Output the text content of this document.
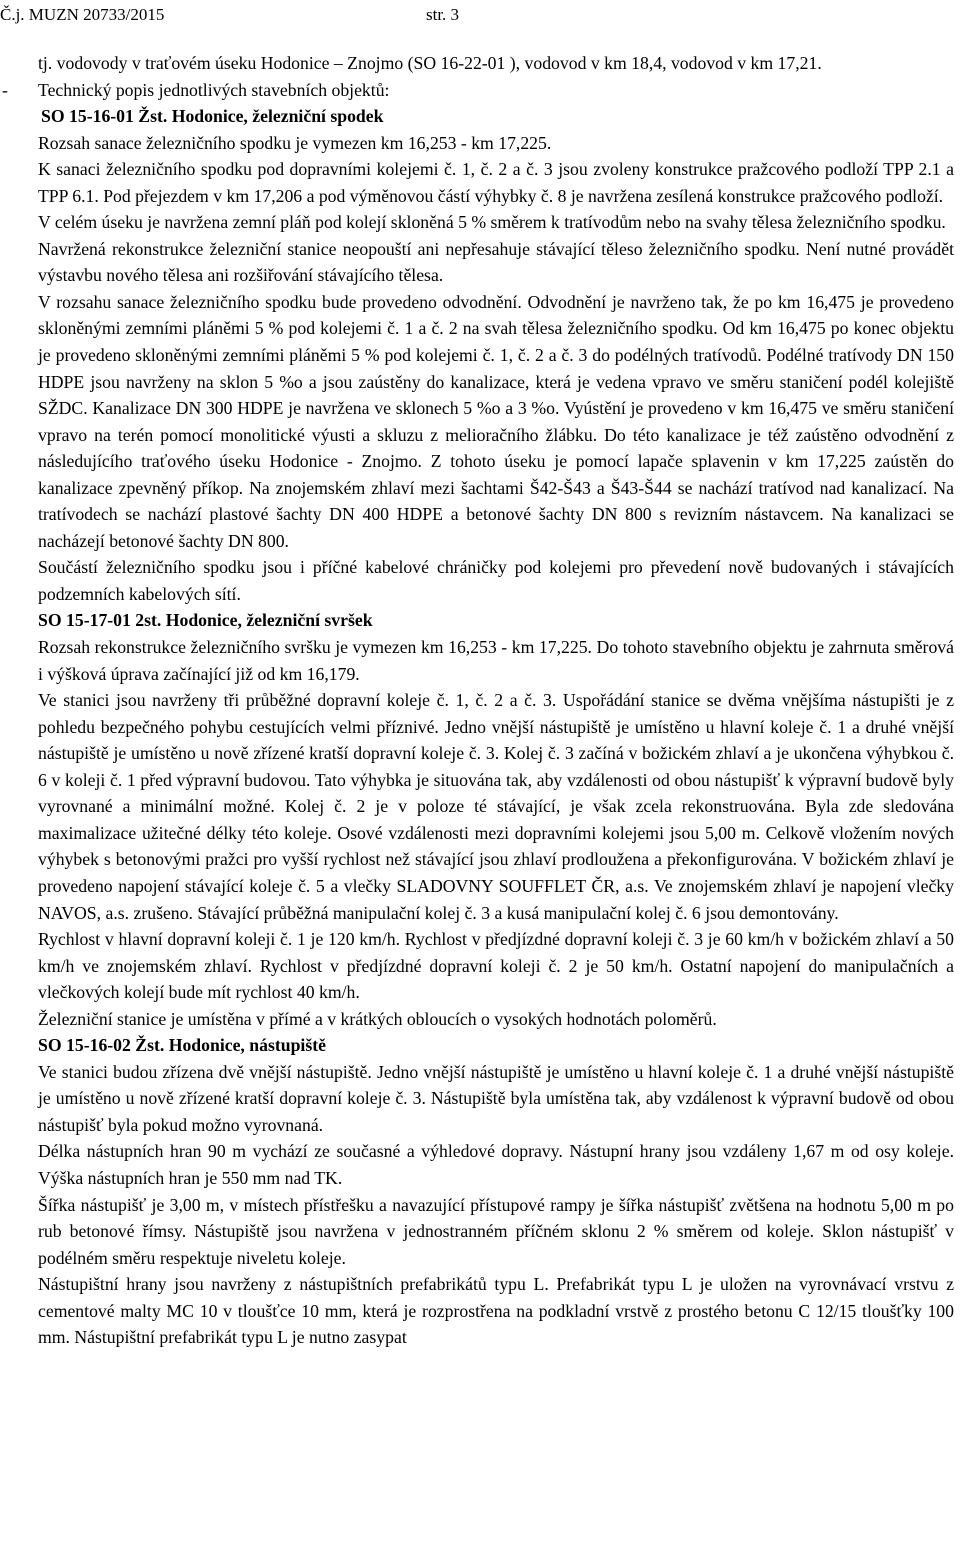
Č.j. MUZN 20733/2015	str. 3

tj. vodovody v traťovém úseku Hodonice – Znojmo (SO 16-22-01 ), vodovod v km 18,4, vodovod v km 17,21.

- Technický popis jednotlivých stavebních objektů:

SO 15-16-01 Žst. Hodonice, železniční spodek

Rozsah sanace železničního spodku je vymezen km 16,253 - km 17,225.

K sanaci železničního spodku pod dopravními kolejemi č. 1, č. 2 a č. 3 jsou zvoleny konstrukce pražcového podloží TPP 2.1 a TPP 6.1. Pod přejezdem v km 17,206 a pod výměnovou částí výhybky č. 8 je navržena zesílená konstrukce pražcového podloží.

V celém úseku je navržena zemní pláň pod kolejí skloněná 5 % směrem k tratívodům nebo na svahy tělesa železničního spodku.

Navržená rekonstrukce železniční stanice neopouští ani nepřesahuje stávající těleso železničního spodku. Není nutné provádět výstavbu nového tělesa ani rozšiřování stávajícího tělesa.

V rozsahu sanace železničního spodku bude provedeno odvodnění. Odvodnění je navrženo tak, že po km 16,475 je provedeno skloněnými zemními pláněmi 5 % pod kolejemi č. 1 a č. 2 na svah tělesa železničního spodku. Od km 16,475 po konec objektu je provedeno skloněnými zemními pláněmi 5 % pod kolejemi č. 1, č. 2 a č. 3 do podélných tratívodů. Podélné tratívody DN 150 HDPE jsou navrženy na sklon 5 %o a jsou zaústěny do kanalizace, která je vedena vpravo ve směru staničení podél kolejiště SŽDC. Kanalizace DN 300 HDPE je navržena ve sklonech 5 %o a 3 %o. Vyústění je provedeno v km 16,475 ve směru staničení vpravo na terén pomocí monolitické výusti a skluzu z melioračního žlábku. Do této kanalizace je též zaústěno odvodnění z následujícího traťového úseku Hodonice - Znojmo. Z tohoto úseku je pomocí lapače splavenin v km 17,225 zaústěn do kanalizace zpevněný příkop. Na znojemském zhlaví mezi šachtami Š42-Š43 a Š43-Š44 se nachází tratívod nad kanalizací. Na tratívodech se nachází plastové šachty DN 400 HDPE a betonové šachty DN 800 s revizním nástavcem. Na kanalizaci se nacházejí betonové šachty DN 800.

Součástí železničního spodku jsou i příčné kabelové chráničky pod kolejemi pro převedení nově budovaných i stávajících podzemních kabelových sítí.

SO 15-17-01 2st. Hodonice, železniční svršek

Rozsah rekonstrukce železničního svršku je vymezen km 16,253 - km 17,225. Do tohoto stavebního objektu je zahrnuta směrová i výšková úprava začínající již od km 16,179.

Ve stanici jsou navrženy tři průběžné dopravní koleje č. 1, č. 2 a č. 3. Uspořádání stanice se dvěma vnějšíma nástupišti je z pohledu bezpečného pohybu cestujících velmi příznivé. Jedno vnější nástupiště je umístěno u hlavní koleje č. 1 a druhé vnější nástupiště je umístěno u nově zřízené kratší dopravní koleje č. 3. Kolej č. 3 začíná v božickém zhlaví a je ukončena výhybkou č. 6 v koleji č. 1 před výpravní budovou. Tato výhybka je situována tak, aby vzdálenosti od obou nástupišť k výpravní budově byly vyrovnané a minimální možné. Kolej č. 2 je v poloze té stávající, je však zcela rekonstruována. Byla zde sledována maximalizace užitečné délky této koleje. Osové vzdálenosti mezi dopravními kolejemi jsou 5,00 m. Celkově vložením nových výhybek s betonovými pražci pro vyšší rychlost než stávající jsou zhlaví prodloužena a překonfigurována. V božickém zhlaví je provedeno napojení stávající koleje č. 5 a vlečky SLADOVNY SOUFFLET ČR, a.s. Ve znojemském zhlaví je napojení vlečky NAVOS, a.s. zrušeno. Stávající průběžná manipulační kolej č. 3 a kusá manipulační kolej č. 6 jsou demontovány.

Rychlost v hlavní dopravní koleji č. 1 je 120 km/h. Rychlost v předjízdné dopravní koleji č. 3 je 60 km/h v božickém zhlaví a 50 km/h ve znojemském zhlaví. Rychlost v předjízdné dopravní koleji č. 2 je 50 km/h. Ostatní napojení do manipulačních a vlečkových kolejí bude mít rychlost 40 km/h.

Železniční stanice je umístěna v přímé a v krátkých obloucích o vysokých hodnotách poloměrů.

SO 15-16-02 Žst. Hodonice, nástupiště

Ve stanici budou zřízena dvě vnější nástupiště. Jedno vnější nástupiště je umístěno u hlavní koleje č. 1 a druhé vnější nástupiště je umístěno u nově zřízené kratší dopravní koleje č. 3. Nástupiště byla umístěna tak, aby vzdálenost k výpravní budově od obou nástupišť byla pokud možno vyrovnaná.

Délka nástupních hran 90 m vychází ze současné a výhledové dopravy. Nástupní hrany jsou vzdáleny 1,67 m od osy koleje. Výška nástupních hran je 550 mm nad TK.

Šířka nástupišť je 3,00 m, v místech přístřešku a navazující přístupové rampy je šířka nástupišť zvětšena na hodnotu 5,00 m po rub betonové římsy. Nástupiště jsou navržena v jednostranném příčném sklonu 2 % směrem od koleje. Sklon nástupišť v podélném směru respektuje niveletu koleje.

Nástupištní hrany jsou navrženy z nástupištních prefabrikátů typu L. Prefabrikát typu L je uložen na vyrovnávací vrstvu z cementové malty MC 10 v tloušťce 10 mm, která je rozprostřena na podkladní vrstvě z prostého betonu C 12/15 tloušťky 100 mm. Nástupištní prefabrikát typu L je nutno zasypat
